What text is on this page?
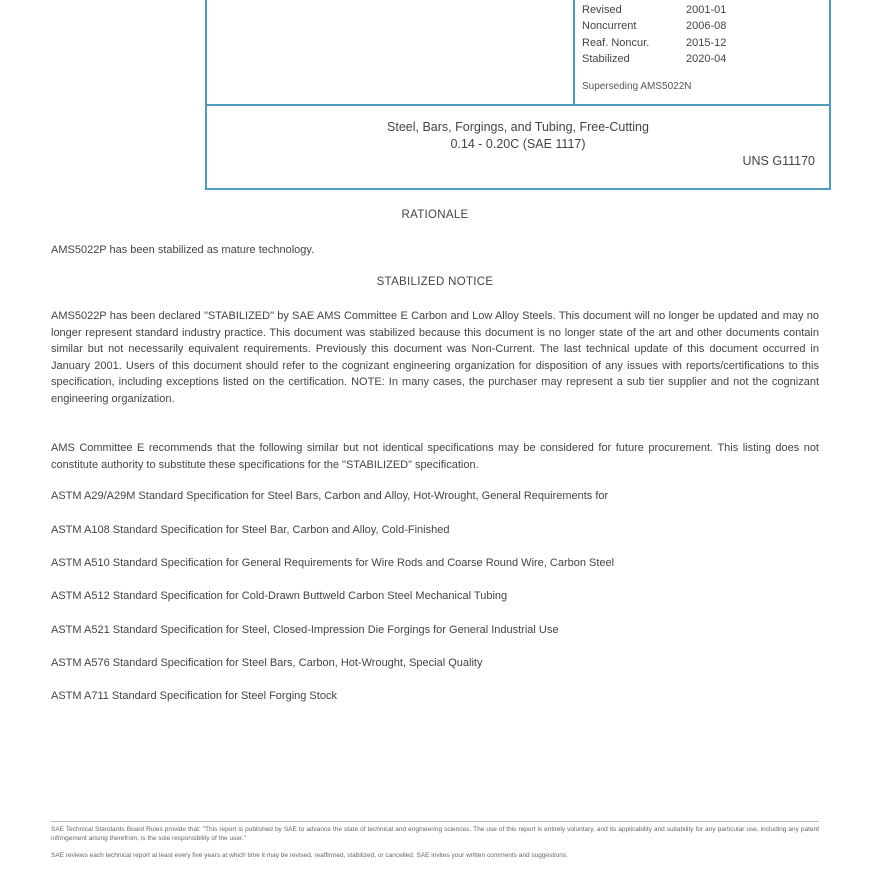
Revised	2001-01
Noncurrent	2006-08
Reaf. Noncur.	2015-12
Stabilized	2020-04
Superseding AMS5022N
Steel, Bars, Forgings, and Tubing, Free-Cutting
0.14 - 0.20C (SAE 1117)
UNS G11170
RATIONALE
AMS5022P has been stabilized as mature technology.
STABILIZED NOTICE
AMS5022P has been declared "STABILIZED" by SAE AMS Committee E Carbon and Low Alloy Steels. This document will no longer be updated and may no longer represent standard industry practice. This document was stabilized because this document is no longer state of the art and other documents contain similar but not necessarily equivalent requirements. Previously this document was Non-Current. The last technical update of this document occurred in January 2001. Users of this document should refer to the cognizant engineering organization for disposition of any issues with reports/certifications to this specification, including exceptions listed on the certification. NOTE: In many cases, the purchaser may represent a sub tier supplier and not the cognizant engineering organization.
AMS Committee E recommends that the following similar but not identical specifications may be considered for future procurement. This listing does not constitute authority to substitute these specifications for the "STABILIZED" specification.
ASTM A29/A29M Standard Specification for Steel Bars, Carbon and Alloy, Hot-Wrought, General Requirements for
ASTM A108 Standard Specification for Steel Bar, Carbon and Alloy, Cold-Finished
ASTM A510 Standard Specification for General Requirements for Wire Rods and Coarse Round Wire, Carbon Steel
ASTM A512 Standard Specification for Cold-Drawn Buttweld Carbon Steel Mechanical Tubing
ASTM A521 Standard Specification for Steel, Closed-Impression Die Forgings for General Industrial Use
ASTM A576 Standard Specification for Steel Bars, Carbon, Hot-Wrought, Special Quality
ASTM A711 Standard Specification for Steel Forging Stock
SAE Technical Standards Board Rules provide that: "This report is published by SAE to advance the state of technical and engineering sciences. The use of this report is entirely voluntary, and its applicability and suitability for any particular use, including any patent infringement arising therefrom, is the sole responsibility of the user."
SAE reviews each technical report at least every five years at which time it may be revised, reaffirmed, stabilized, or cancelled. SAE invites your written comments and suggestions.
